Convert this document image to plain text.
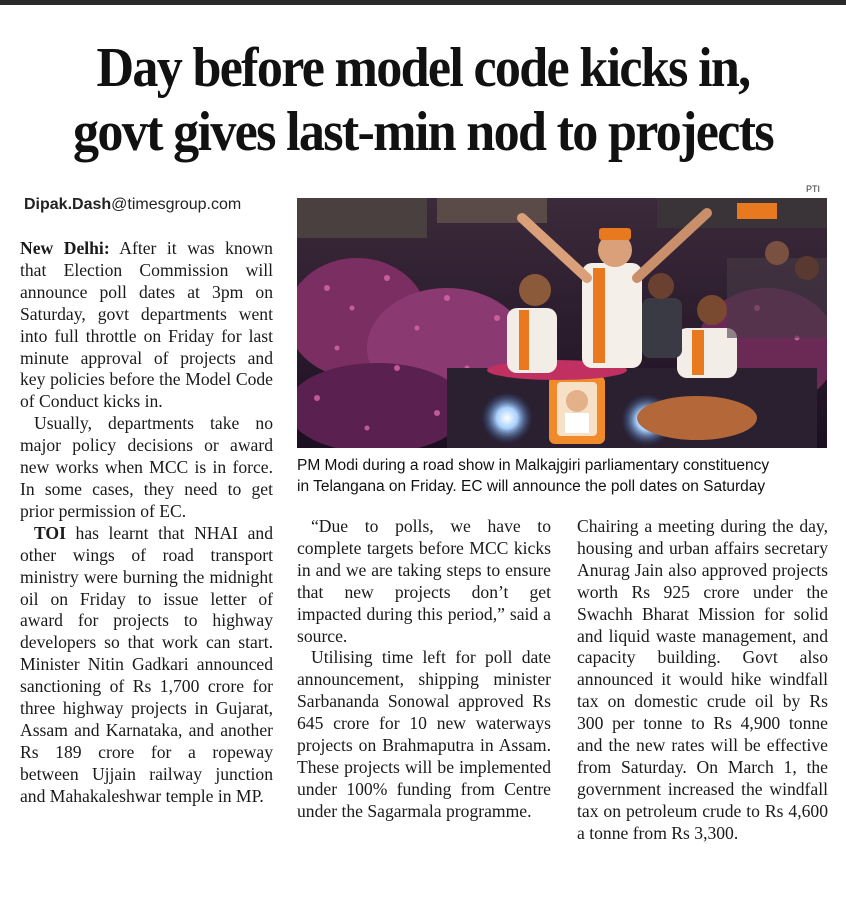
Day before model code kicks in,
govt gives last-min nod to projects
Dipak.Dash@timesgroup.com
PTI

New Delhi: After it was known that Election Commission will announce poll dates at 3pm on Saturday, govt departments went into full throttle on Friday for last minute approval of projects and key policies before the Model Code of Conduct kicks in.

Usually, departments take no major policy decisions or award new works when MCC is in force. In some cases, they need to get prior permission of EC.

TOI has learnt that NHAI and other wings of road transport ministry were burning the midnight oil on Friday to issue letter of award for projects to highway developers so that work can start. Minister Nitin Gadkari announced sanctioning of Rs 1,700 crore for three highway projects in Gujarat, Assam and Karnataka, and another Rs 189 crore for a ropeway between Ujjain railway junction and Mahakaleshwar temple in MP.

PM Modi during a road show in Malkajgiri parliamentary constituency
in Telangana on Friday. EC will announce the poll dates on Saturday

“Due to polls, we have to complete targets before MCC kicks in and we are taking steps to ensure that new projects don’t get impacted during this period,” said a source.

Utilising time left for poll date announcement, shipping minister Sarbananda Sonowal approved Rs 645 crore for 10 new waterways projects on Brahmaputra in Assam. These projects will be implemented under 100% funding from Centre under the Sagarmala programme.

Chairing a meeting during the day, housing and urban affairs secretary Anurag Jain also approved projects worth Rs 925 crore under the Swachh Bharat Mission for solid and liquid waste management, and capacity building. Govt also announced it would hike windfall tax on domestic crude oil by Rs 300 per tonne to Rs 4,900 tonne and the new rates will be effective from Saturday. On March 1, the government increased the windfall tax on petroleum crude to Rs 4,600 a tonne from Rs 3,300.
